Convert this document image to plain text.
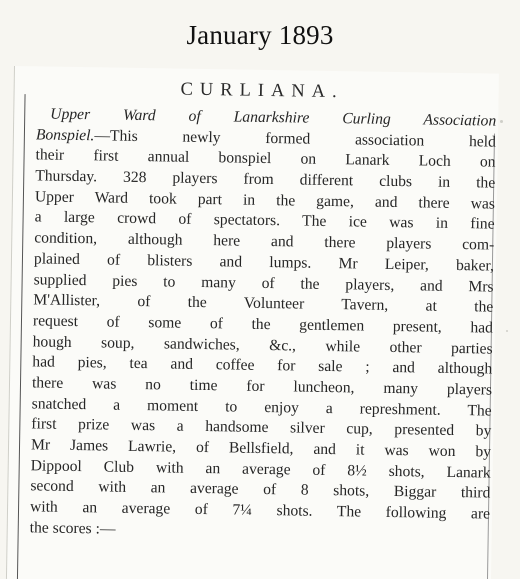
January 1893
CURLIANA.
Upper Ward of Lanarkshire Curling Association
Bonspiel.—This newly formed association held
their first annual bonspiel on Lanark Loch on
Thursday. 328 players from different clubs in the
Upper Ward took part in the game, and there was
a large crowd of spectators. The ice was in fine
condition, although here and there players com-
plained of blisters and lumps. Mr Leiper, baker,
supplied pies to many of the players, and Mrs
M'Allister, of the Volunteer Tavern, at the
request of some of the gentlemen present, had
hough soup, sandwiches, &c., while other parties
had pies, tea and coffee for sale ; and although
there was no time for luncheon, many players
snatched a moment to enjoy a represhment. The
first prize was a handsome silver cup, presented by
Mr James Lawrie, of Bellsfield, and it was won by
Dippool Club with an average of 8½ shots, Lanark
second with an average of 8 shots, Biggar third
with an average of 7¼ shots. The following are
the scores :—
